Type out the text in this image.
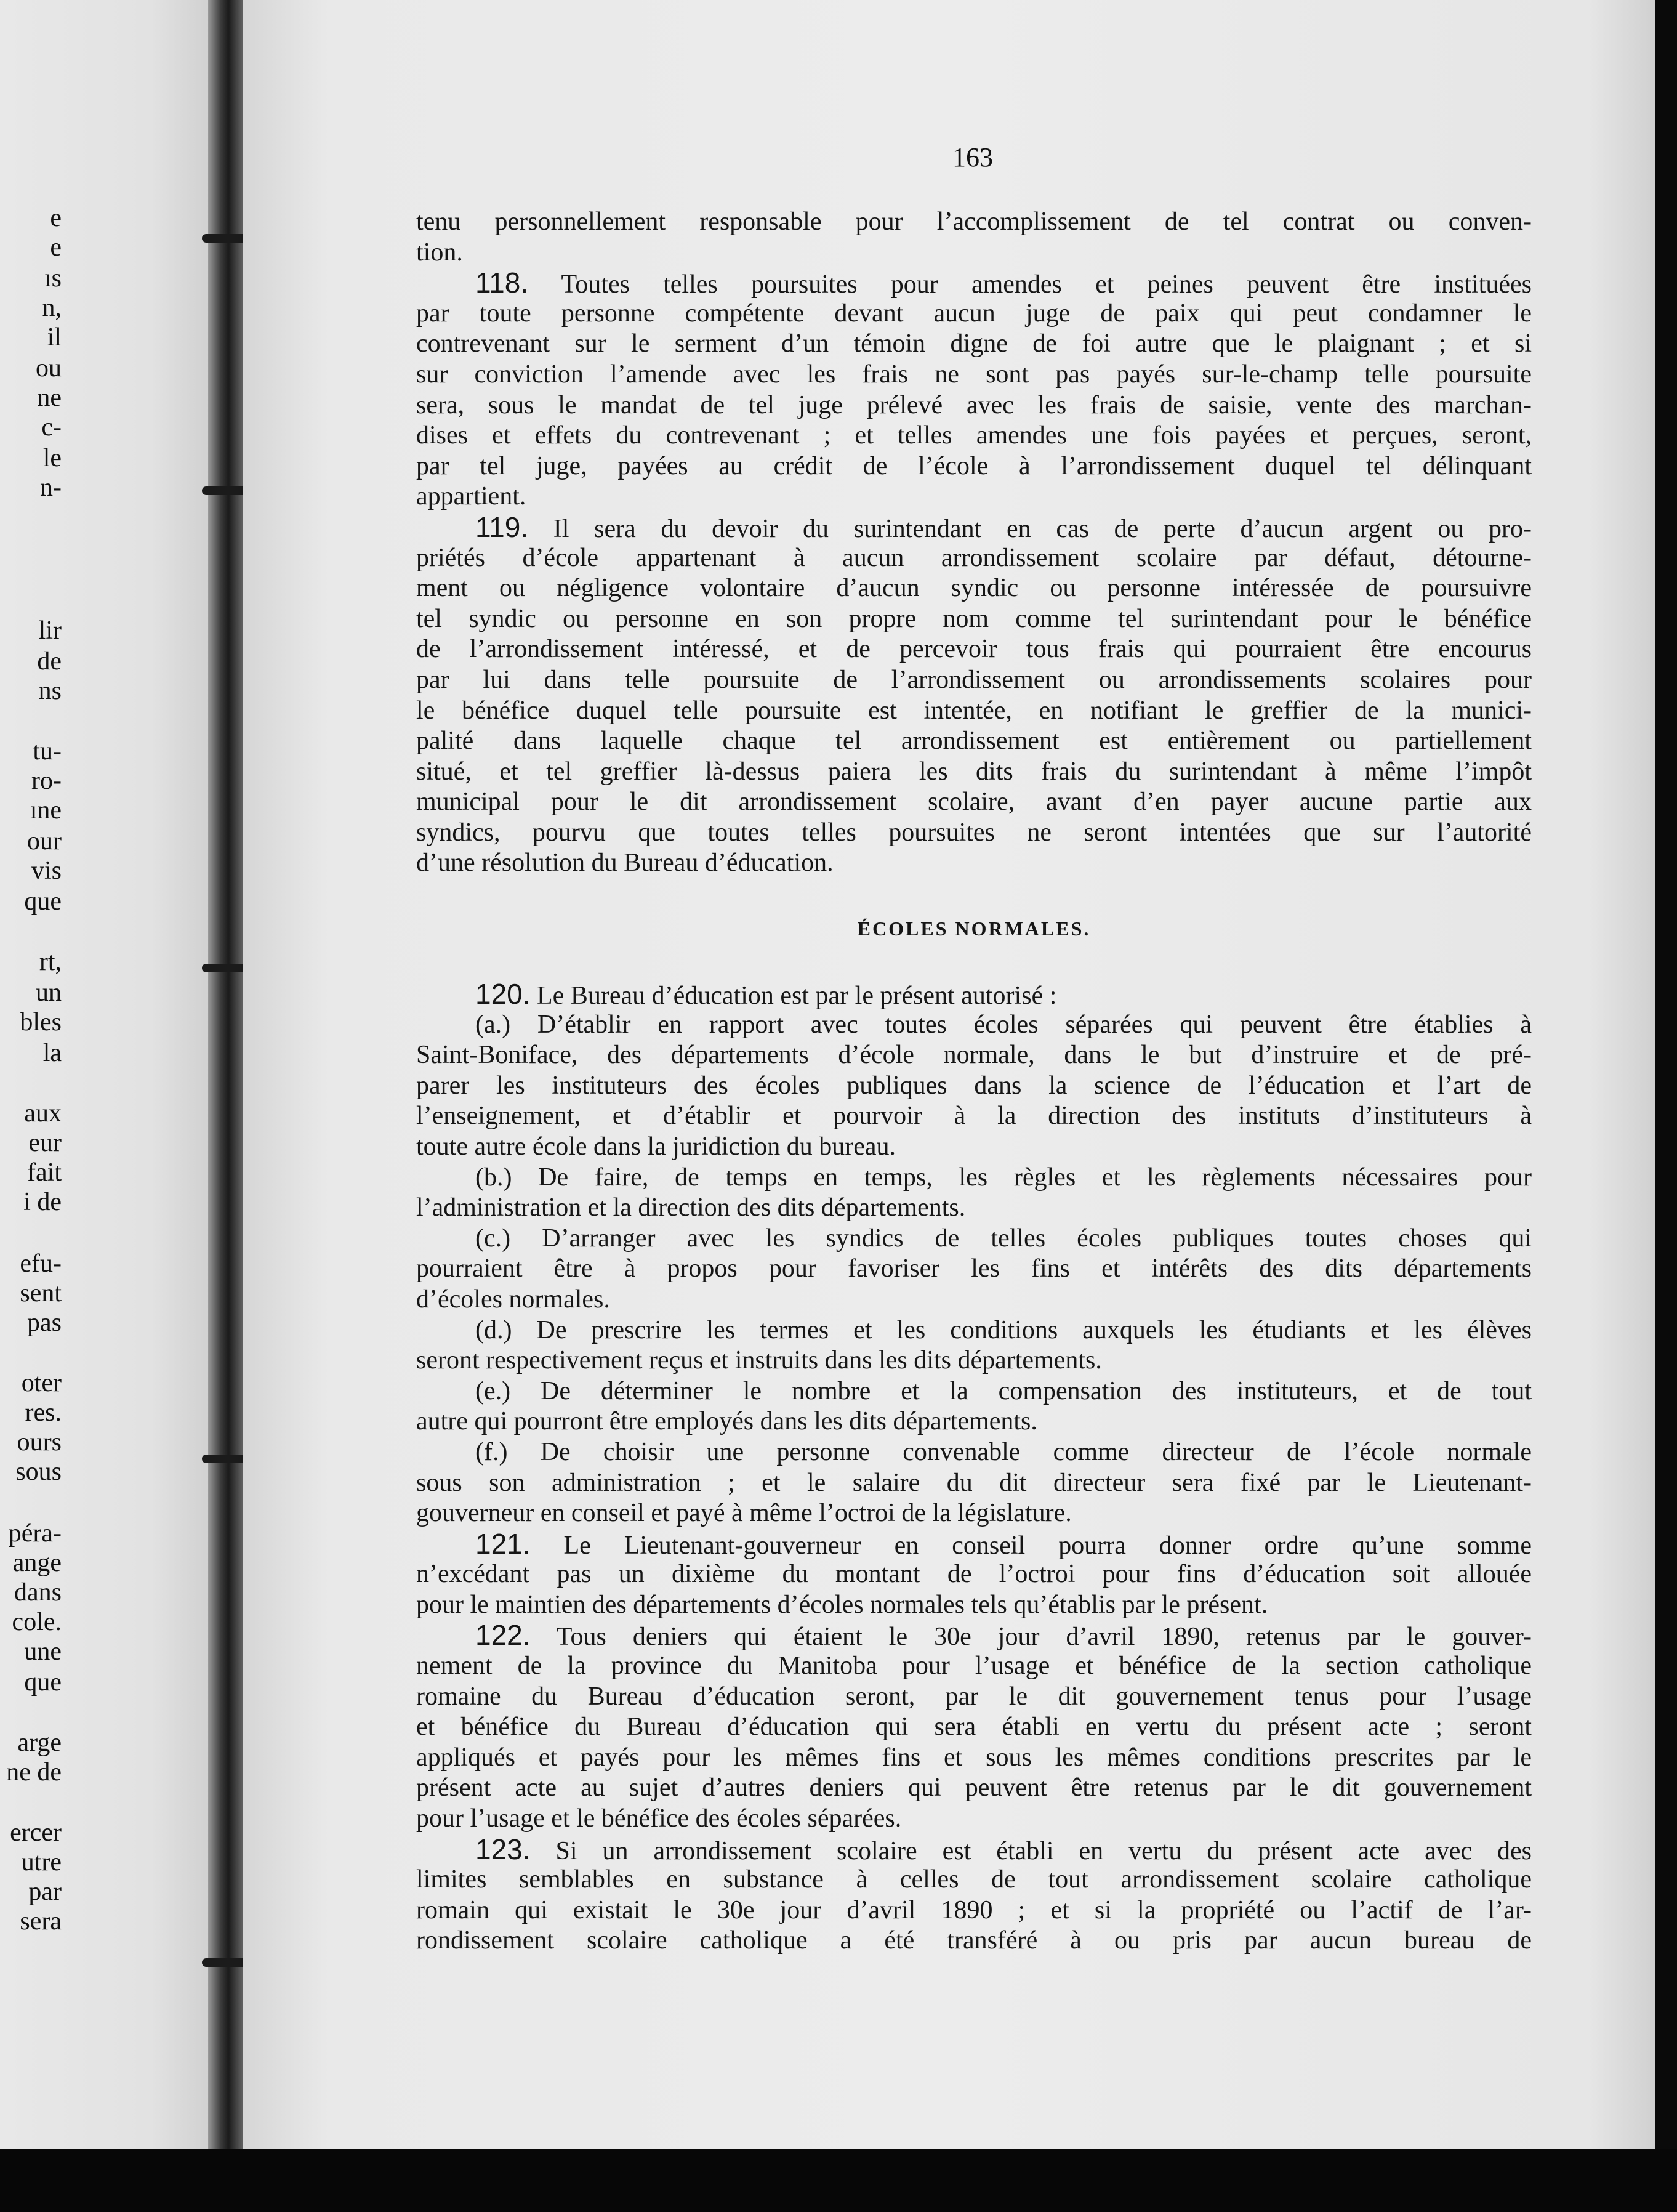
e
e
ıs
n,
il
ou
ne
c-
le
n-
lir
de
ns
tu-
ro-
ıne
our
vis
que
rt,
un
bles
la
aux
eur
fait
i de
efu-
sent
pas
oter
res.
ours
sous
péra-
ange
dans
cole.
une
que
arge
ne de
ercer
utre
par
sera
163
tenu personnellement responsable pour l’accomplissement de tel contrat ou conven-
tion.
118. Toutes telles poursuites pour amendes et peines peuvent être instituées
par toute personne compétente devant aucun juge de paix qui peut condamner le
contrevenant sur le serment d’un témoin digne de foi autre que le plaignant ; et si
sur conviction l’amende avec les frais ne sont pas payés sur-le-champ telle poursuite
sera, sous le mandat de tel juge prélevé avec les frais de saisie, vente des marchan-
dises et effets du contrevenant ; et telles amendes une fois payées et perçues, seront,
par tel juge, payées au crédit de l’école à l’arrondissement duquel tel délinquant
appartient.
119. Il sera du devoir du surintendant en cas de perte d’aucun argent ou pro-
priétés d’école appartenant à aucun arrondissement scolaire par défaut, détourne-
ment ou négligence volontaire d’aucun syndic ou personne intéressée de poursuivre
tel syndic ou personne en son propre nom comme tel surintendant pour le bénéfice
de l’arrondissement intéressé, et de percevoir tous frais qui pourraient être encourus
par lui dans telle poursuite de l’arrondissement ou arrondissements scolaires pour
le bénéfice duquel telle poursuite est intentée, en notifiant le greffier de la munici-
palité dans laquelle chaque tel arrondissement est entièrement ou partiellement
situé, et tel greffier là-dessus paiera les dits frais du surintendant à même l’impôt
municipal pour le dit arrondissement scolaire, avant d’en payer aucune partie aux
syndics, pourvu que toutes telles poursuites ne seront intentées que sur l’autorité
d’une résolution du Bureau d’éducation.
ÉCOLES NORMALES.
120. Le Bureau d’éducation est par le présent autorisé :
(a.) D’établir en rapport avec toutes écoles séparées qui peuvent être établies à
Saint-Boniface, des départements d’école normale, dans le but d’instruire et de pré-
parer les instituteurs des écoles publiques dans la science de l’éducation et l’art de
l’enseignement, et d’établir et pourvoir à la direction des instituts d’instituteurs à
toute autre école dans la juridiction du bureau.
(b.) De faire, de temps en temps, les règles et les règlements nécessaires pour
l’administration et la direction des dits départements.
(c.) D’arranger avec les syndics de telles écoles publiques toutes choses qui
pourraient être à propos pour favoriser les fins et intérêts des dits départements
d’écoles normales.
(d.) De prescrire les termes et les conditions auxquels les étudiants et les élèves
seront respectivement reçus et instruits dans les dits départements.
(e.) De déterminer le nombre et la compensation des instituteurs, et de tout
autre qui pourront être employés dans les dits départements.
(f.) De choisir une personne convenable comme directeur de l’école normale
sous son administration ; et le salaire du dit directeur sera fixé par le Lieutenant-
gouverneur en conseil et payé à même l’octroi de la législature.
121. Le Lieutenant-gouverneur en conseil pourra donner ordre qu’une somme
n’excédant pas un dixième du montant de l’octroi pour fins d’éducation soit allouée
pour le maintien des départements d’écoles normales tels qu’établis par le présent.
122. Tous deniers qui étaient le 30e jour d’avril 1890, retenus par le gouver-
nement de la province du Manitoba pour l’usage et bénéfice de la section catholique
romaine du Bureau d’éducation seront, par le dit gouvernement tenus pour l’usage
et bénéfice du Bureau d’éducation qui sera établi en vertu du présent acte ; seront
appliqués et payés pour les mêmes fins et sous les mêmes conditions prescrites par le
présent acte au sujet d’autres deniers qui peuvent être retenus par le dit gouvernement
pour l’usage et le bénéfice des écoles séparées.
123. Si un arrondissement scolaire est établi en vertu du présent acte avec des
limites semblables en substance à celles de tout arrondissement scolaire catholique
romain qui existait le 30e jour d’avril 1890 ; et si la propriété ou l’actif de l’ar-
rondissement scolaire catholique a été transféré à ou pris par aucun bureau de
